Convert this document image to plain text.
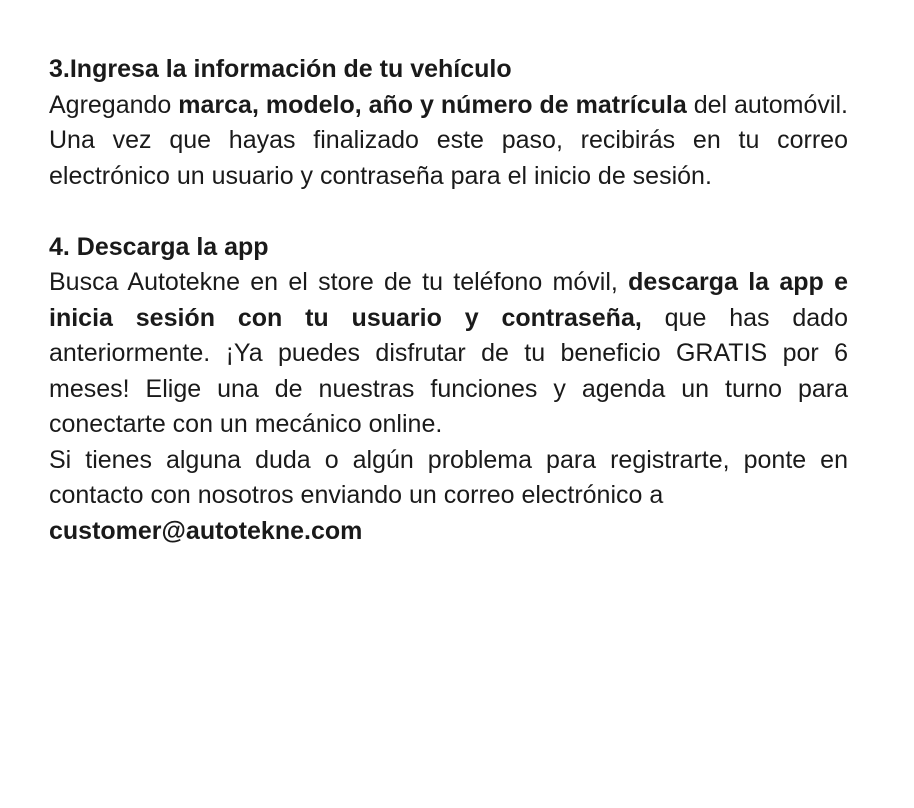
3.Ingresa la información de tu vehículo

Agregando marca, modelo, año y número de matrícula del automóvil.

Una vez que hayas finalizado este paso, recibirás en tu correo electrónico un usuario y contraseña para el inicio de sesión.

4. Descarga la app

Busca Autotekne en el store de tu teléfono móvil, descarga la app e inicia sesión con tu usuario y contraseña, que has dado anteriormente. ¡Ya puedes disfrutar de tu beneficio GRATIS por 6 meses! Elige una de nuestras funciones y agenda un turno para conectarte con un mecánico online.

Si tienes alguna duda o algún problema para registrarte, ponte en contacto con nosotros enviando un correo electrónico a

customer@autotekne.com
